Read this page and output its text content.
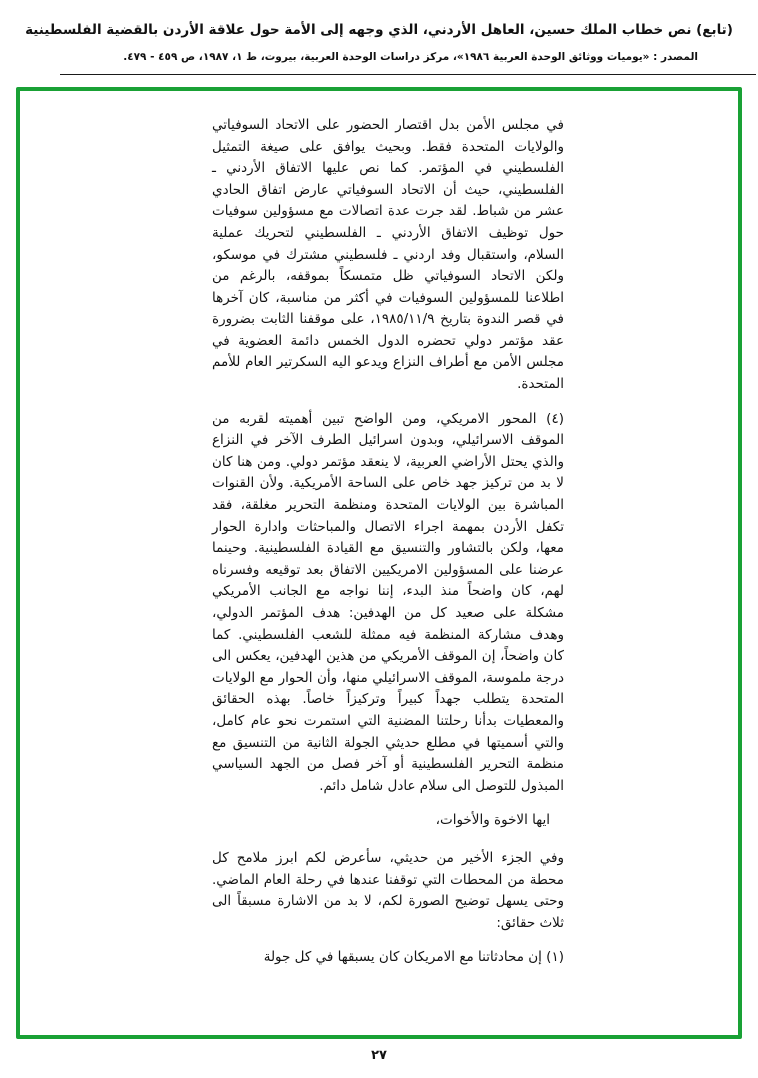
(تابع) نص خطاب الملك حسين، العاهل الأردني، الذي وجهه إلى الأمة حول علاقة الأردن بالقضية الفلسطينية
المصدر : «يوميات ووثائق الوحدة العربية ١٩٨٦»، مركز دراسات الوحدة العربية، بيروت، ط ١، ١٩٨٧، ص ٤٥٩ - ٤٧٩.

في مجلس الأمن بدل اقتصار الحضور على الاتحاد السوفياتي والولايات المتحدة فقط. وبحيث يوافق على صيغة التمثيل الفلسطيني في المؤتمر. كما نص عليها الاتفاق الأردني ـ الفلسطيني، حيث أن الاتحاد السوفياتي عارض اتفاق الحادي عشر من شباط. لقد جرت عدة اتصالات مع مسؤولين سوفيات حول توظيف الاتفاق الأردني ـ الفلسطيني لتحريك عملية السلام، واستقبال وفد اردني ـ فلسطيني مشترك في موسكو، ولكن الاتحاد السوفياتي ظل متمسكاً بموقفه، بالرغم من اطلاعنا للمسؤولين السوفيات في أكثر من مناسبة، كان آخرها في قصر الندوة بتاريخ ١٩٨٥/١١/٩، على موقفنا الثابت بضرورة عقد مؤتمر دولي تحضره الدول الخمس دائمة العضوية في مجلس الأمن مع أطراف النزاع ويدعو اليه السكرتير العام للأمم المتحدة.

(٤) المحور الامريكي، ومن الواضح تبين أهميته لقربه من الموقف الاسرائيلي، وبدون اسرائيل الطرف الآخر في النزاع والذي يحتل الأراضي العربية، لا ينعقد مؤتمر دولي. ومن هنا كان لا بد من تركيز جهد خاص على الساحة الأمريكية. ولأن القنوات المباشرة بين الولايات المتحدة ومنظمة التحرير مغلقة، فقد تكفل الأردن بمهمة اجراء الاتصال والمباحثات وادارة الحوار معها، ولكن بالتشاور والتنسيق مع القيادة الفلسطينية. وحينما عرضنا على المسؤولين الامريكيين الاتفاق بعد توقيعه وفسرناه لهم، كان واضحاً منذ البدء، إننا نواجه مع الجانب الأمريكي مشكلة على صعيد كل من الهدفين: هدف المؤتمر الدولي، وهدف مشاركة المنظمة فيه ممثلة للشعب الفلسطيني. كما كان واضحاً، إن الموقف الأمريكي من هذين الهدفين، يعكس الى درجة ملموسة، الموقف الاسرائيلي منها، وأن الحوار مع الولايات المتحدة يتطلب جهداً كبيراً وتركيزاً خاصاً. بهذه الحقائق والمعطيات بدأنا رحلتنا المضنية التي استمرت نحو عام كامل، والتي أسميتها في مطلع حديثي الجولة الثانية من التنسيق مع منظمة التحرير الفلسطينية أو آخر فصل من الجهد السياسي المبذول للتوصل الى سلام عادل شامل دائم.

ايها الاخوة والأخوات،

وفي الجزء الأخير من حديثي، سأعرض لكم ابرز ملامح كل محطة من المحطات التي توقفنا عندها في رحلة العام الماضي. وحتى يسهل توضيح الصورة لكم، لا بد من الاشارة مسبقاً الى ثلاث حقائق:

(١) إن محادثاتنا مع الامريكان كان يسبقها في كل جولة

٢٧
